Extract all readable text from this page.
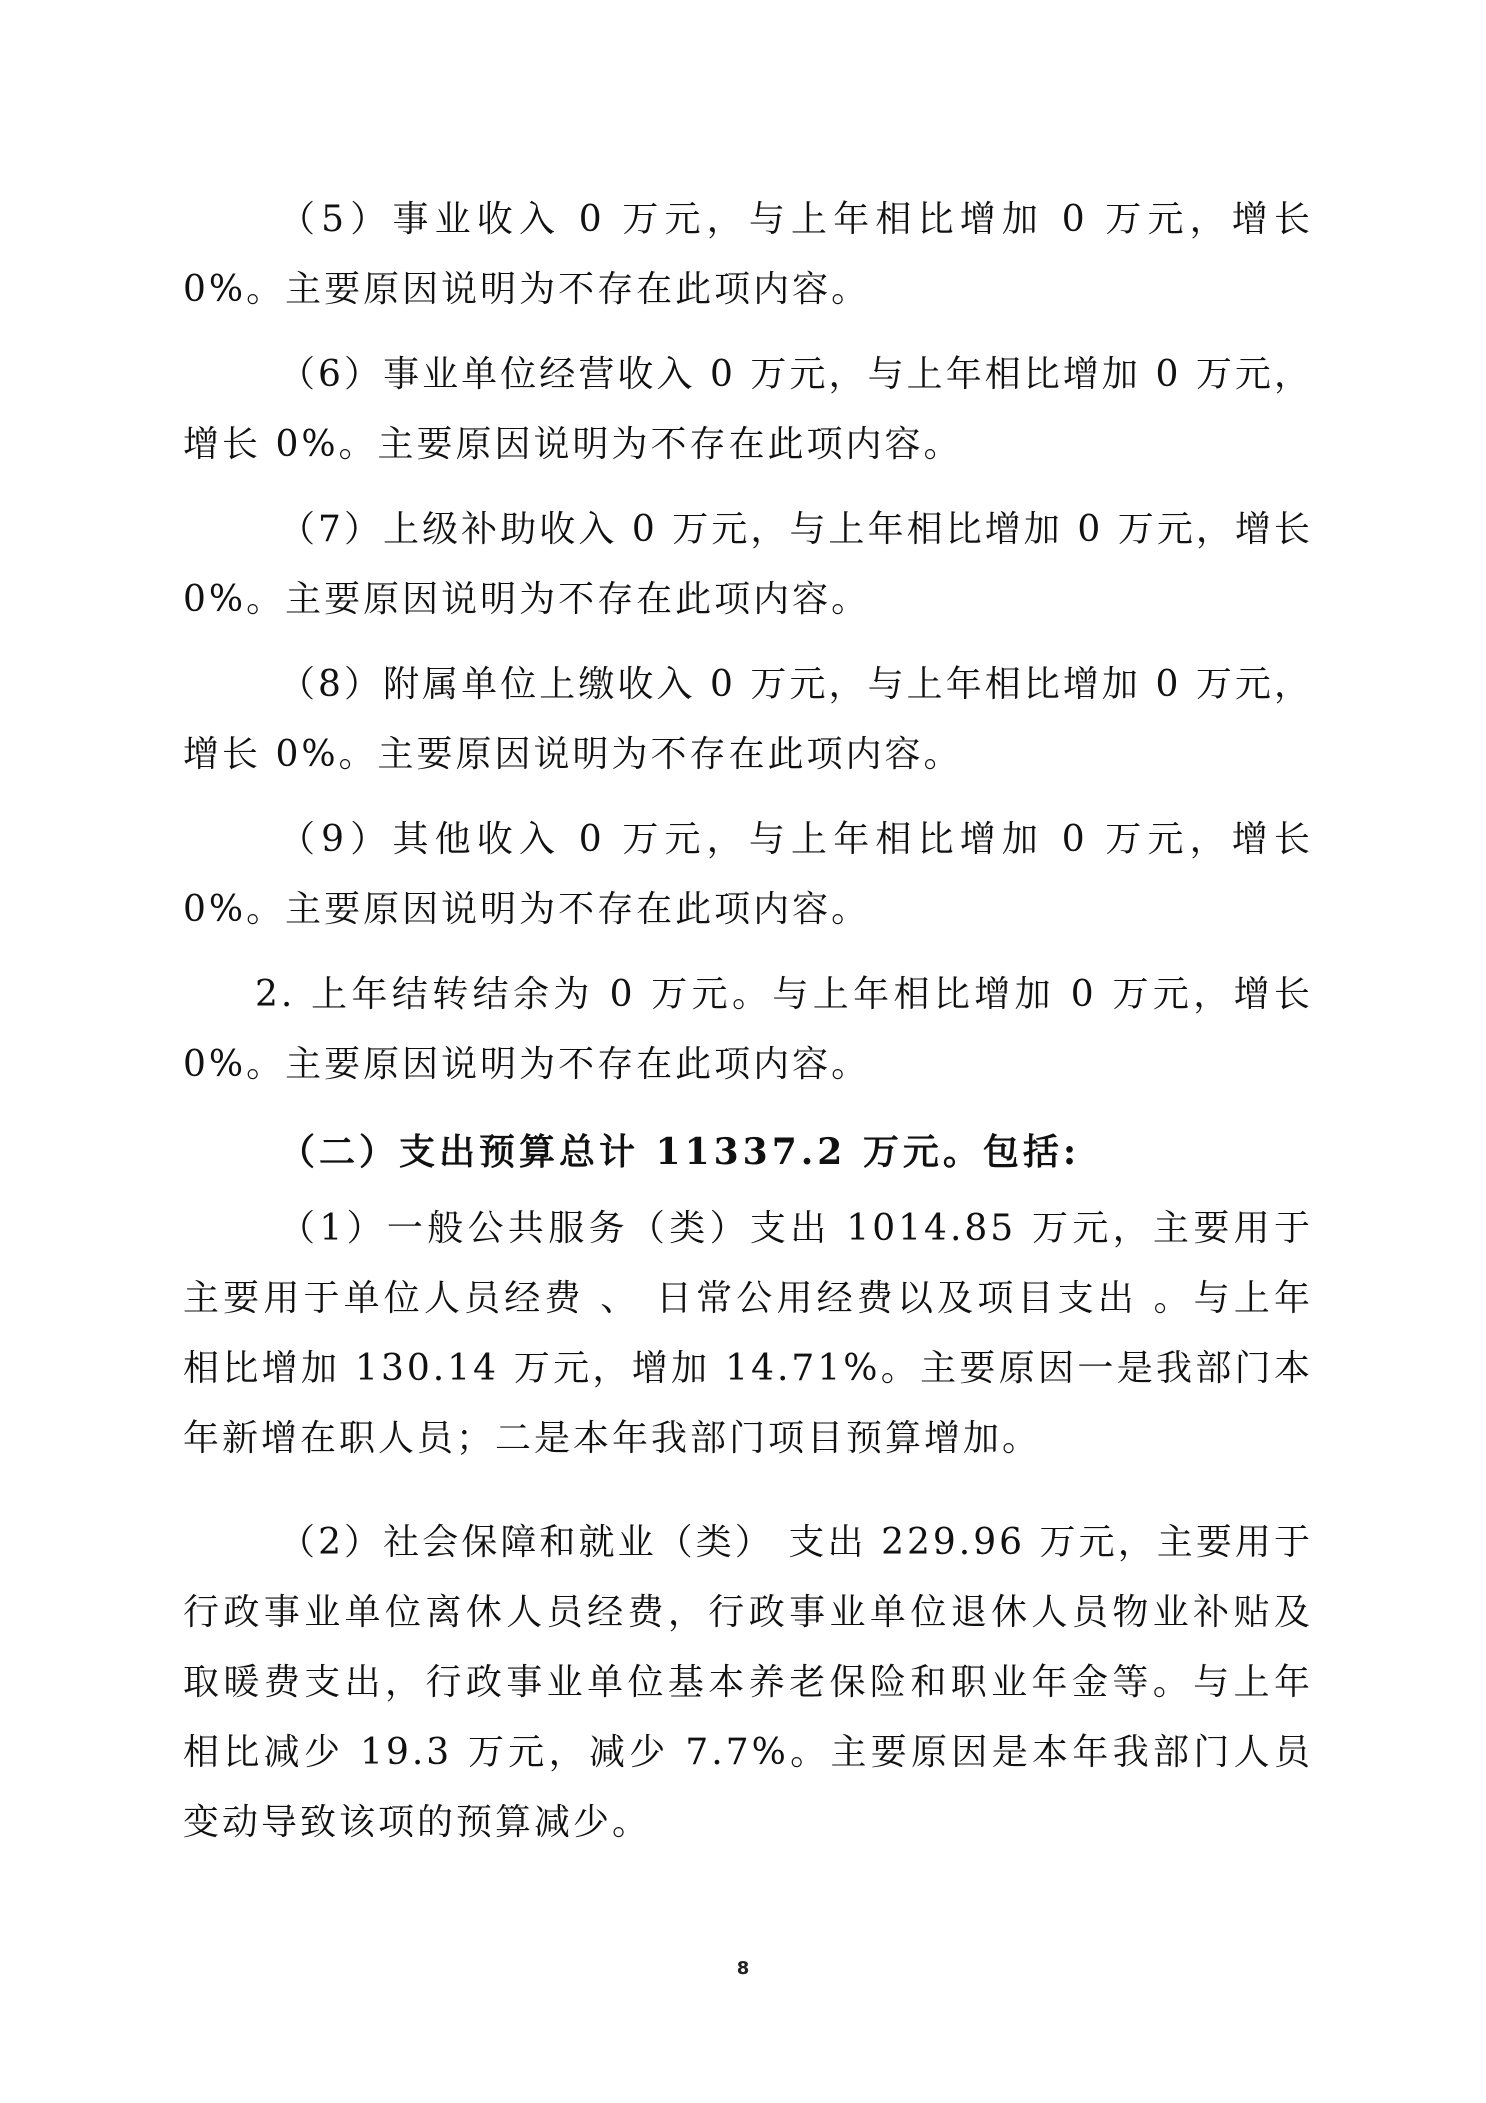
（5）事业收入 0 万元，与上年相比增加 0 万元，增长 0%。主要原因说明为不存在此项内容。

（6）事业单位经营收入 0 万元，与上年相比增加 0 万元，增长 0%。主要原因说明为不存在此项内容。

（7）上级补助收入 0 万元，与上年相比增加 0 万元，增长 0%。主要原因说明为不存在此项内容。

（8）附属单位上缴收入 0 万元，与上年相比增加 0 万元，增长 0%。主要原因说明为不存在此项内容。

（9）其他收入 0 万元，与上年相比增加 0 万元，增长 0%。主要原因说明为不存在此项内容。

2. 上年结转结余为 0 万元。与上年相比增加 0 万元，增长 0%。主要原因说明为不存在此项内容。

（二）支出预算总计 11337.2 万元。包括:

（1）一般公共服务（类）支出 1014.85 万元，主要用于主要用于单位人员经费 、 日常公用经费以及项目支出 。与上年相比增加 130.14 万元，增加 14.71%。主要原因一是我部门本年新增在职人员；二是本年我部门项目预算增加。

（2）社会保障和就业（类） 支出 229.96 万元，主要用于行政事业单位离休人员经费，行政事业单位退休人员物业补贴及取暖费支出，行政事业单位基本养老保险和职业年金等。与上年相比减少 19.3 万元，减少 7.7%。主要原因是本年我部门人员变动导致该项的预算减少。

8
